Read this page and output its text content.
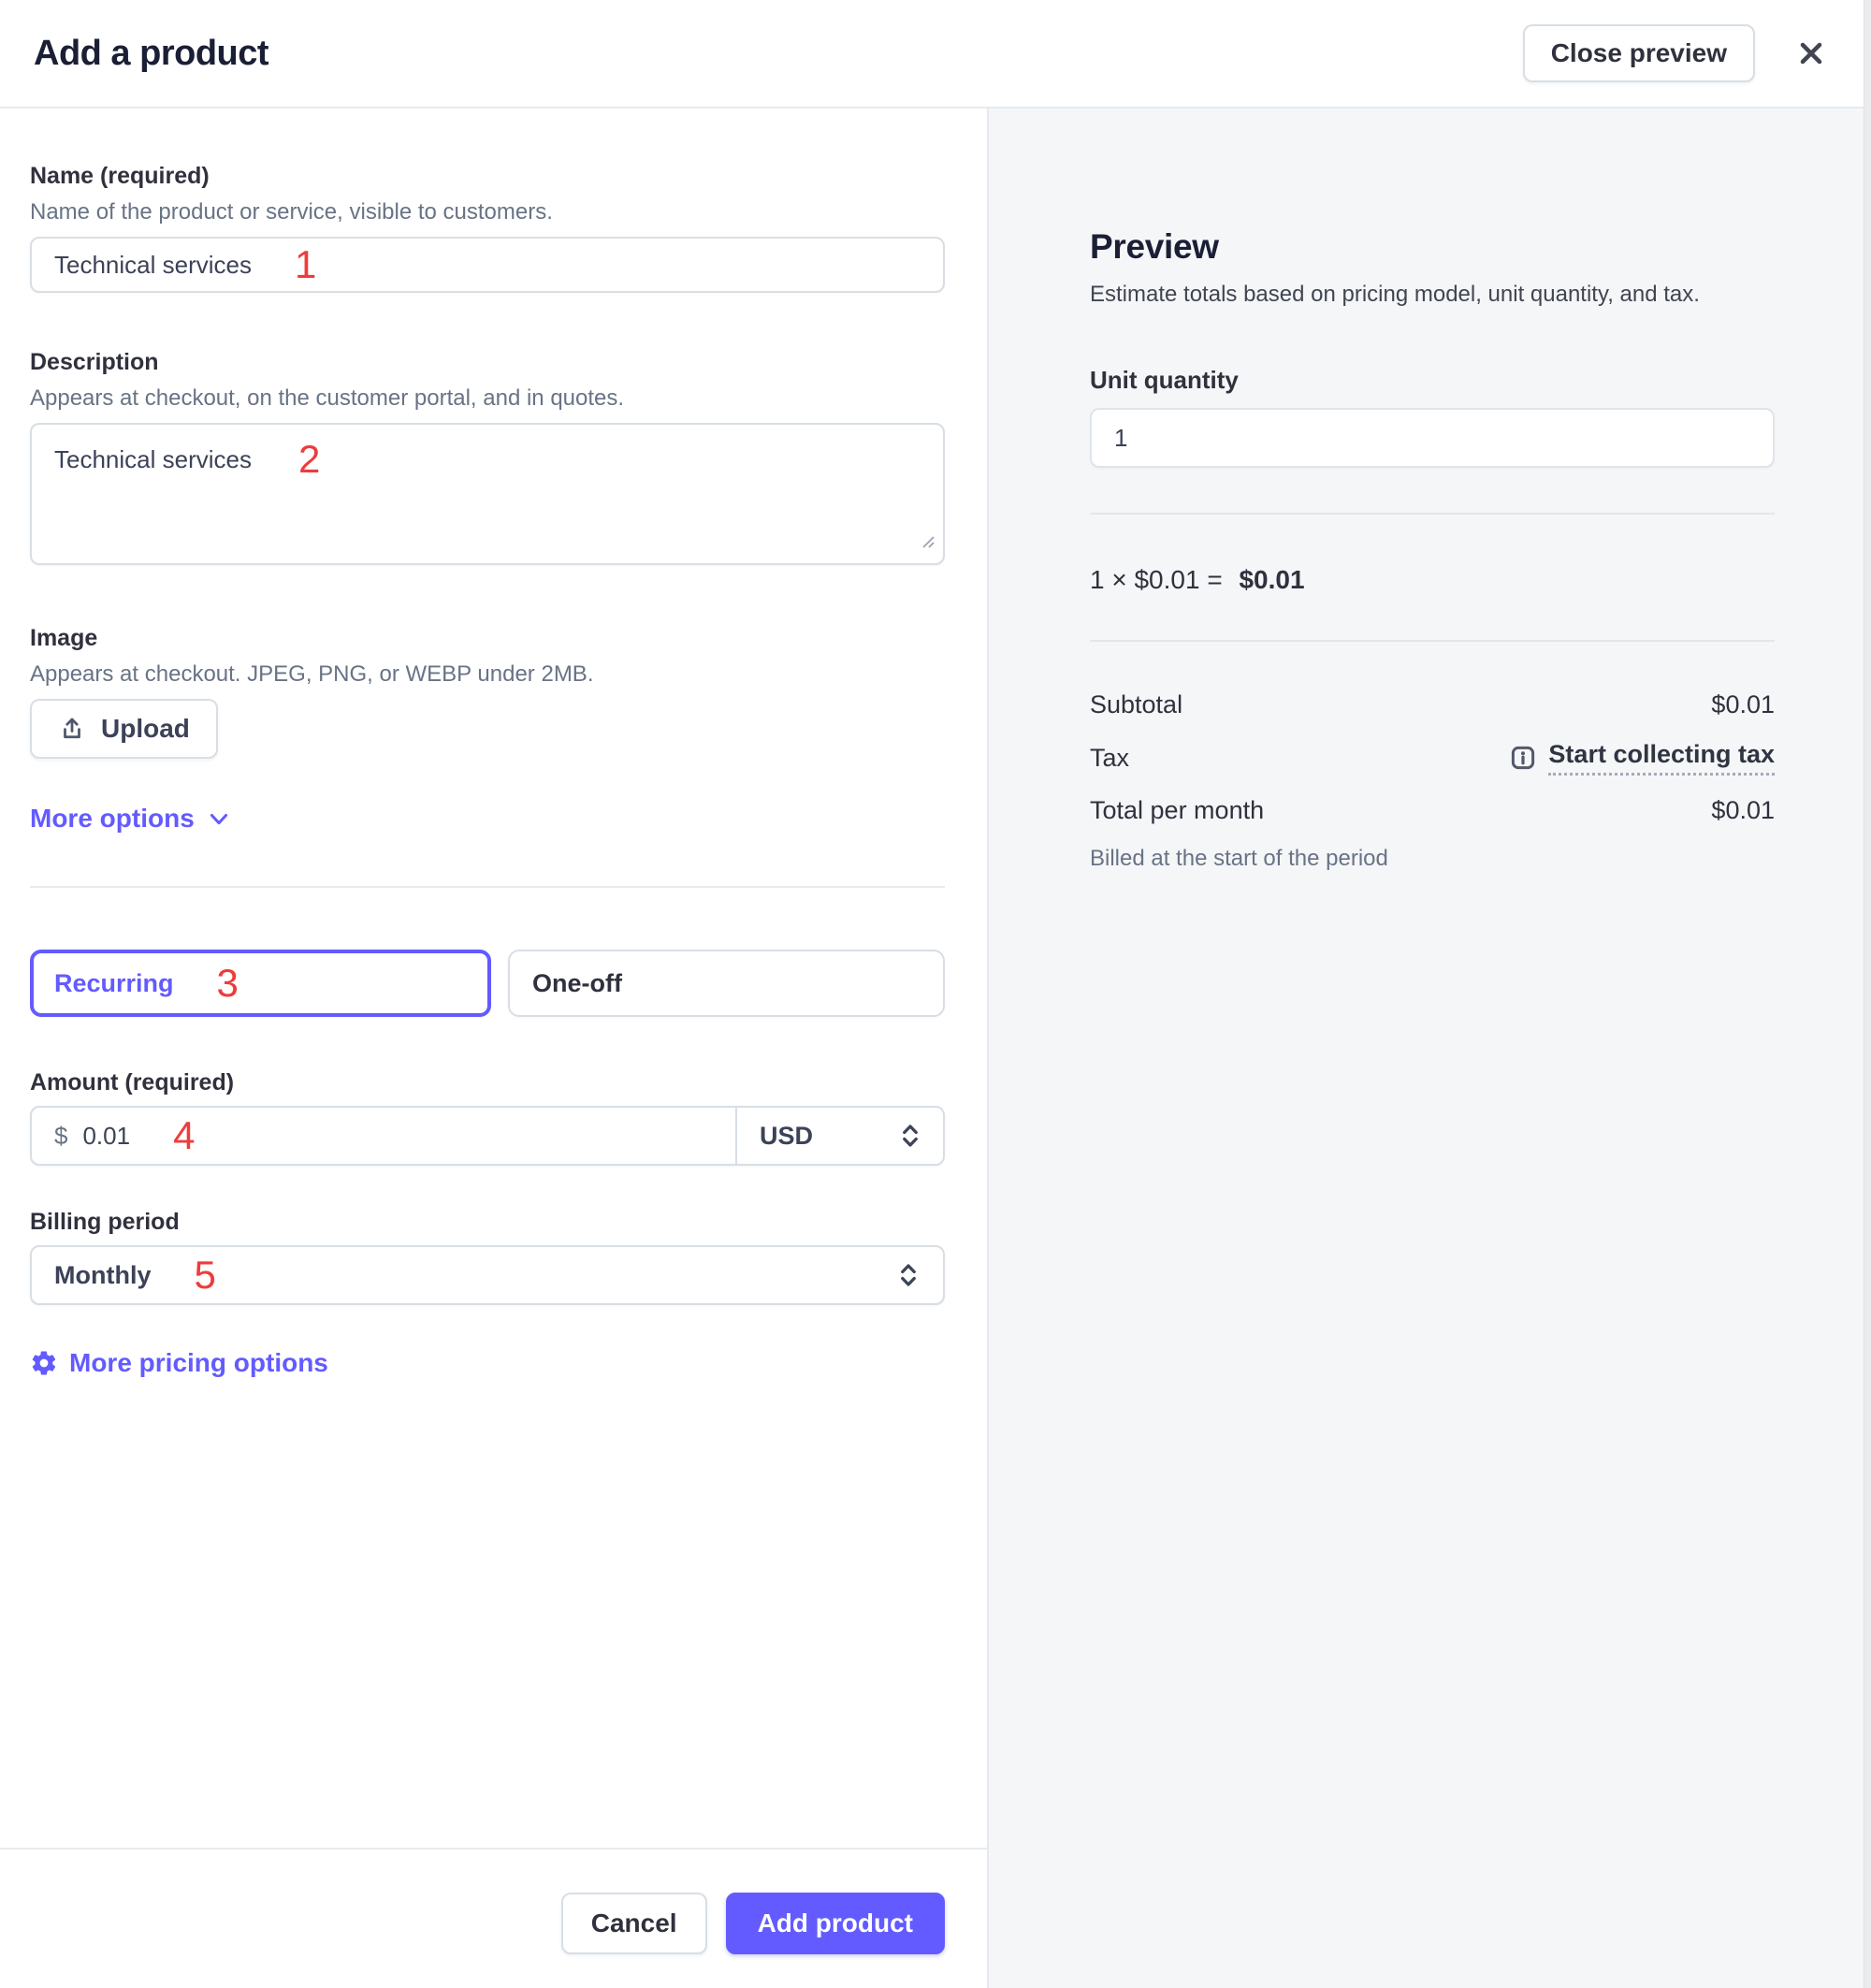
Add a product	Close preview
Name (required)
Name of the product or service, visible to customers.
Technical services 1
Description
Appears at checkout, on the customer portal, and in quotes.
Technical services 2
Image
Appears at checkout. JPEG, PNG, or WEBP under 2MB.
Upload
More options
Recurring 3	One-off
Amount (required)
$ 0.01 4	USD
Billing period
Monthly 5
More pricing options
Cancel	Add product
Preview
Estimate totals based on pricing model, unit quantity, and tax.
Unit quantity
1
1 × $0.01 = $0.01
Subtotal	$0.01
Tax	Start collecting tax
Total per month	$0.01
Billed at the start of the period
